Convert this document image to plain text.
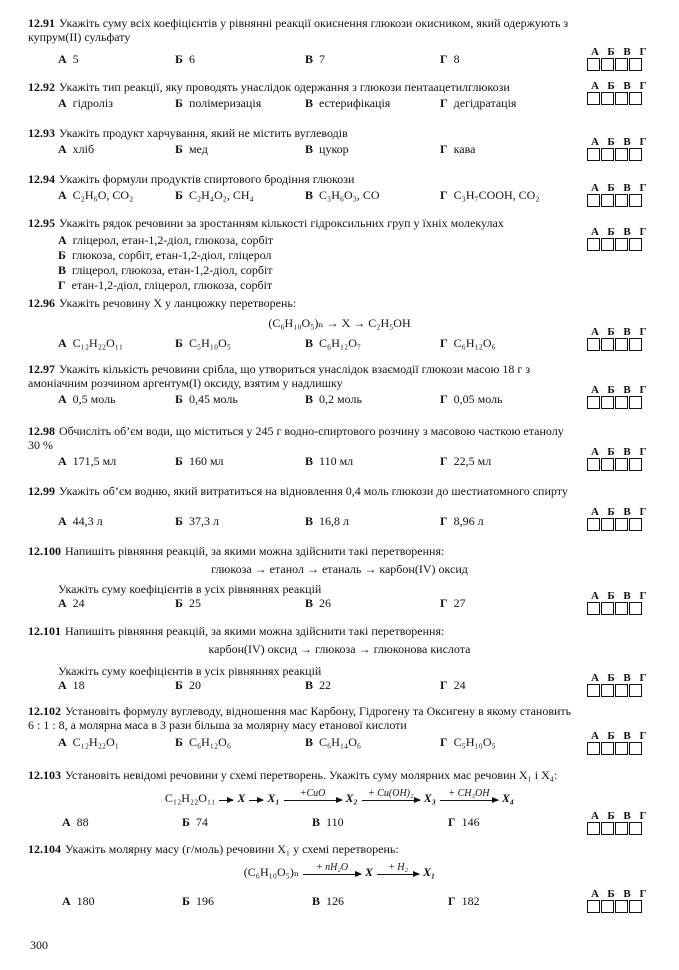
12.91 Укажіть суму всіх коефіцієнтів у рівнянні реакції окиснення глюкози окисником, який одержують з купрум(ІІ) сульфату
А 5	Б 6	В 7	Г 8	А Б В Г
12.92 Укажіть тип реакції, яку проводять унаслідок одержання з глюкози пентаацетилглюкози
А гідроліз	Б полімеризація	В естерифікація	Г дегідратація
А Б В Г
12.93 Укажіть продукт харчування, який не містить вуглеводів
А хліб	Б мед	В цукор	Г кава	А Б В Г
12.94 Укажіть формули продуктів спиртового бродіння глюкози
А C₂H₆O, CO₂	Б C₂H₄O₂, CH₄	В C₃H₆O₃, CO	Г C₃H₇COOH, CO₂	А Б В Г
12.95 Укажіть рядок речовини за зростанням кількості гідроксильних груп у їхніх молекулах
А гліцерол, етан-1,2-діол, глюкоза, сорбіт
Б глюкоза, сорбіт, етан-1,2-діол, гліцерол
В гліцерол, глюкоза, етан-1,2-діол, сорбіт
Г етан-1,2-діол, гліцерол, глюкоза, сорбіт
А Б В Г
12.96 Укажіть речовину X у ланцюжку перетворень:
(C₆H₁₀O₅)ₙ → X → C₂H₅OH
А C₁₂H₂₂O₁₁	Б C₅H₁₀O₅	В C₆H₁₂O₇	Г C₆H₁₂O₆
А Б В Г
12.97 Укажіть кількість речовини срібла, що утвориться унаслідок взаємодії глюкози масою 18 г з амоніачним розчином аргентум(І) оксиду, взятим у надлишку
А 0,5 моль	Б 0,45 моль	В 0,2 моль	Г 0,05 моль
А Б В Г
12.98 Обчисліть об’єм води, що міститься у 245 г водно-спиртового розчину з масовою часткою етанолу 30 %
А 171,5 мл	Б 160 мл	В 110 мл	Г 22,5 мл
А Б В Г
12.99 Укажіть об’єм водню, який витратиться на відновлення 0,4 моль глюкози до шестиатомного спирту
А 44,3 л	Б 37,3 л	В 16,8 л	Г 8,96 л
А Б В Г
12.100 Напишіть рівняння реакцій, за якими можна здійснити такі перетворення:
глюкоза → етанол → етаналь → карбон(IV) оксид
Укажіть суму коефіцієнтів в усіх рівняннях реакцій
А 24	Б 25	В 26	Г 27	А Б В Г
12.101 Напишіть рівняння реакцій, за якими можна здійснити такі перетворення:
карбон(IV) оксид → глюкоза → глюконова кислота
Укажіть суму коефіцієнтів в усіх рівняннях реакцій
А 18	Б 20	В 22	Г 24	А Б В Г
12.102 Установіть формулу вуглеводу, відношення мас Карбону, Гідрогену та Оксигену в якому становить 6 : 1 : 8, а молярна маса в 3 рази більша за молярну масу етанової кислоти
А C₁₂H₂₂O₁	Б C₆H₁₂O₆	В C₆H₁₄O₆	Г C₅H₁₀O₅	А Б В Г
12.103 Установіть невідомі речовини у схемі перетворень. Укажіть суму молярних мас речовин X₁ і X₄:
C₁₂H₂₂O₁₁
X
X₁ +CuO X₂ + Cu(OH)₂ X₃ + CH₃OH X₄
А 88	Б 74	В 110	Г 146	А Б В Г
12.104 Укажіть молярну масу (г/моль) речовини X₁ у схемі перетворень:
(C₆H₁₀O₅)ₙ + nH₂O X + H₂ X₁
А 180	Б 196	В 126	Г 182	А Б В Г
300
